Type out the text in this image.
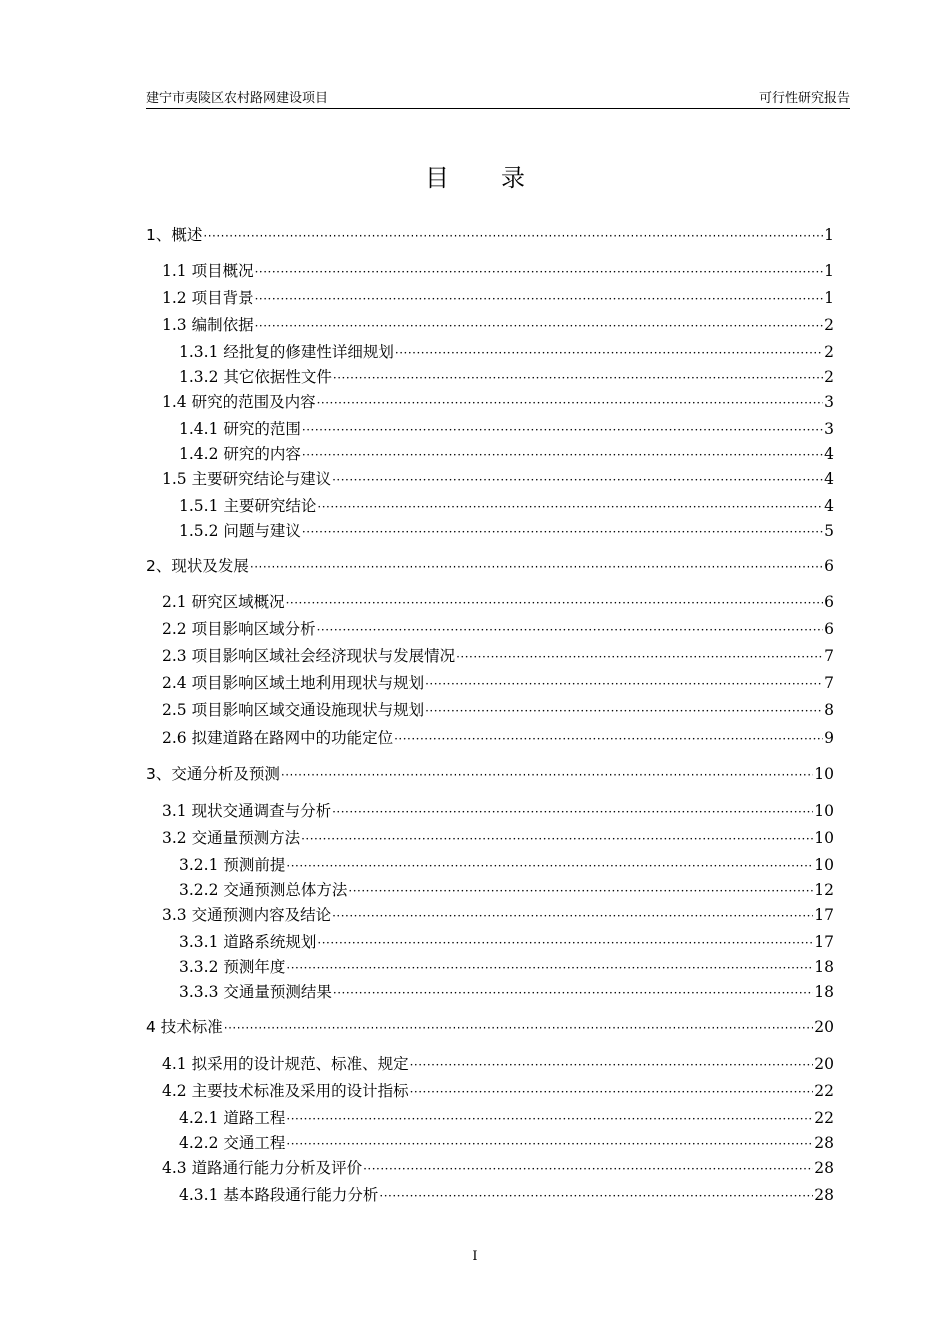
建宁市夷陵区农村路网建设项目	可行性研究报告
目 录
1、概述 ·····	1
1.1 项目概况 ·····	1
1.2 项目背景 ·····	1
1.3 编制依据 ·····	2
1.3.1 经批复的修建性详细规划 ·····	2
1.3.2 其它依据性文件 ·····	2
1.4 研究的范围及内容 ·····	3
1.4.1 研究的范围 ·····	3
1.4.2 研究的内容 ·····	4
1.5 主要研究结论与建议 ·····	4
1.5.1 主要研究结论 ·····	4
1.5.2 问题与建议 ·····	5
2、现状及发展 ·····	6
2.1 研究区域概况 ·····	6
2.2 项目影响区域分析 ·····	6
2.3 项目影响区域社会经济现状与发展情况 ·····	7
2.4 项目影响区域土地利用现状与规划 ·····	7
2.5 项目影响区域交通设施现状与规划 ·····	8
2.6 拟建道路在路网中的功能定位 ·····	9
3、交通分析及预测 ·····	10
3.1 现状交通调查与分析 ·····	10
3.2 交通量预测方法 ·····	10
3.2.1 预测前提 ·····	10
3.2.2 交通预测总体方法 ·····	12
3.3 交通预测内容及结论 ·····	17
3.3.1 道路系统规划 ·····	17
3.3.2 预测年度 ·····	18
3.3.3 交通量预测结果 ·····	18
4 技术标准 ·····	20
4.1 拟采用的设计规范、标准、规定 ·····	20
4.2 主要技术标准及采用的设计指标 ·····	22
4.2.1 道路工程 ·····	22
4.2.2 交通工程 ·····	28
4.3 道路通行能力分析及评价 ·····	28
4.3.1 基本路段通行能力分析 ·····	28
I
